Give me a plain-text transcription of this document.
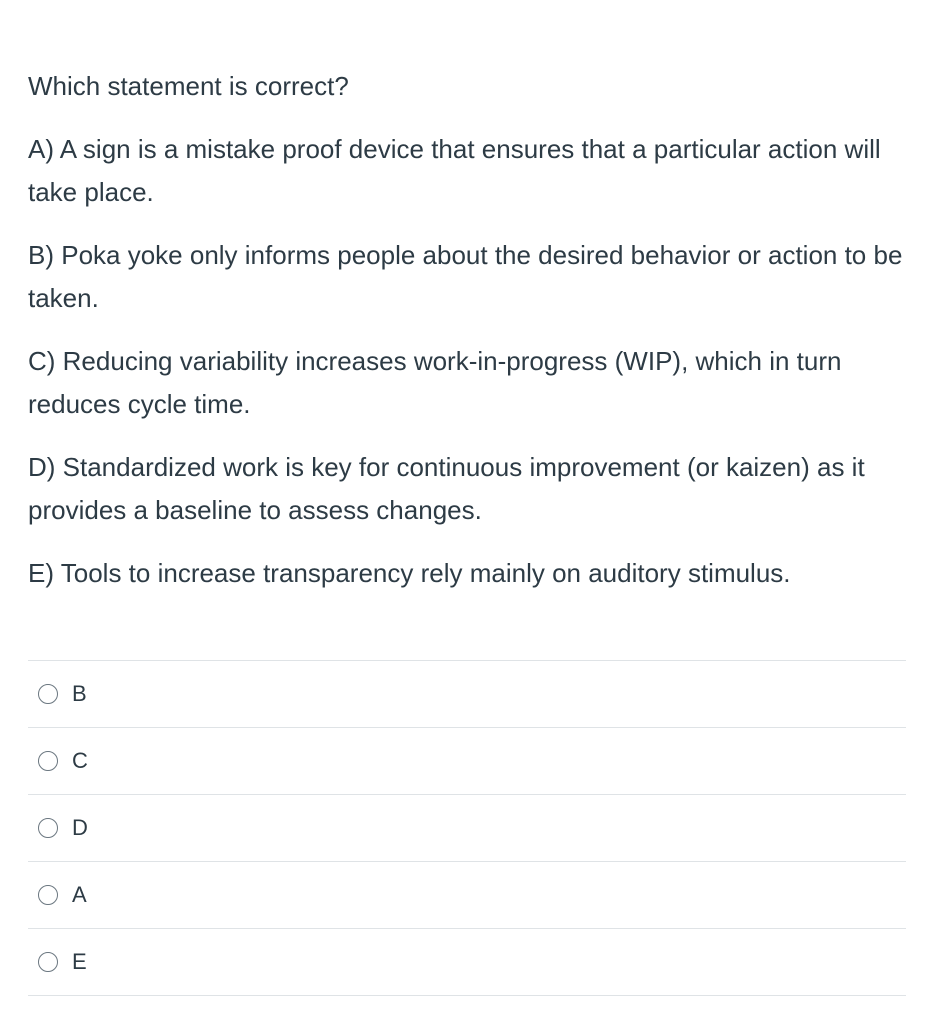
Which statement is correct?

A) A sign is a mistake proof device that ensures that a particular action will take place.

B) Poka yoke only informs people about the desired behavior or action to be taken.

C) Reducing variability increases work-in-progress (WIP), which in turn reduces cycle time.

D) Standardized work is key for continuous improvement (or kaizen) as it provides a baseline to assess changes.

E) Tools to increase transparency rely mainly on auditory stimulus.

B
C
D
A
E
